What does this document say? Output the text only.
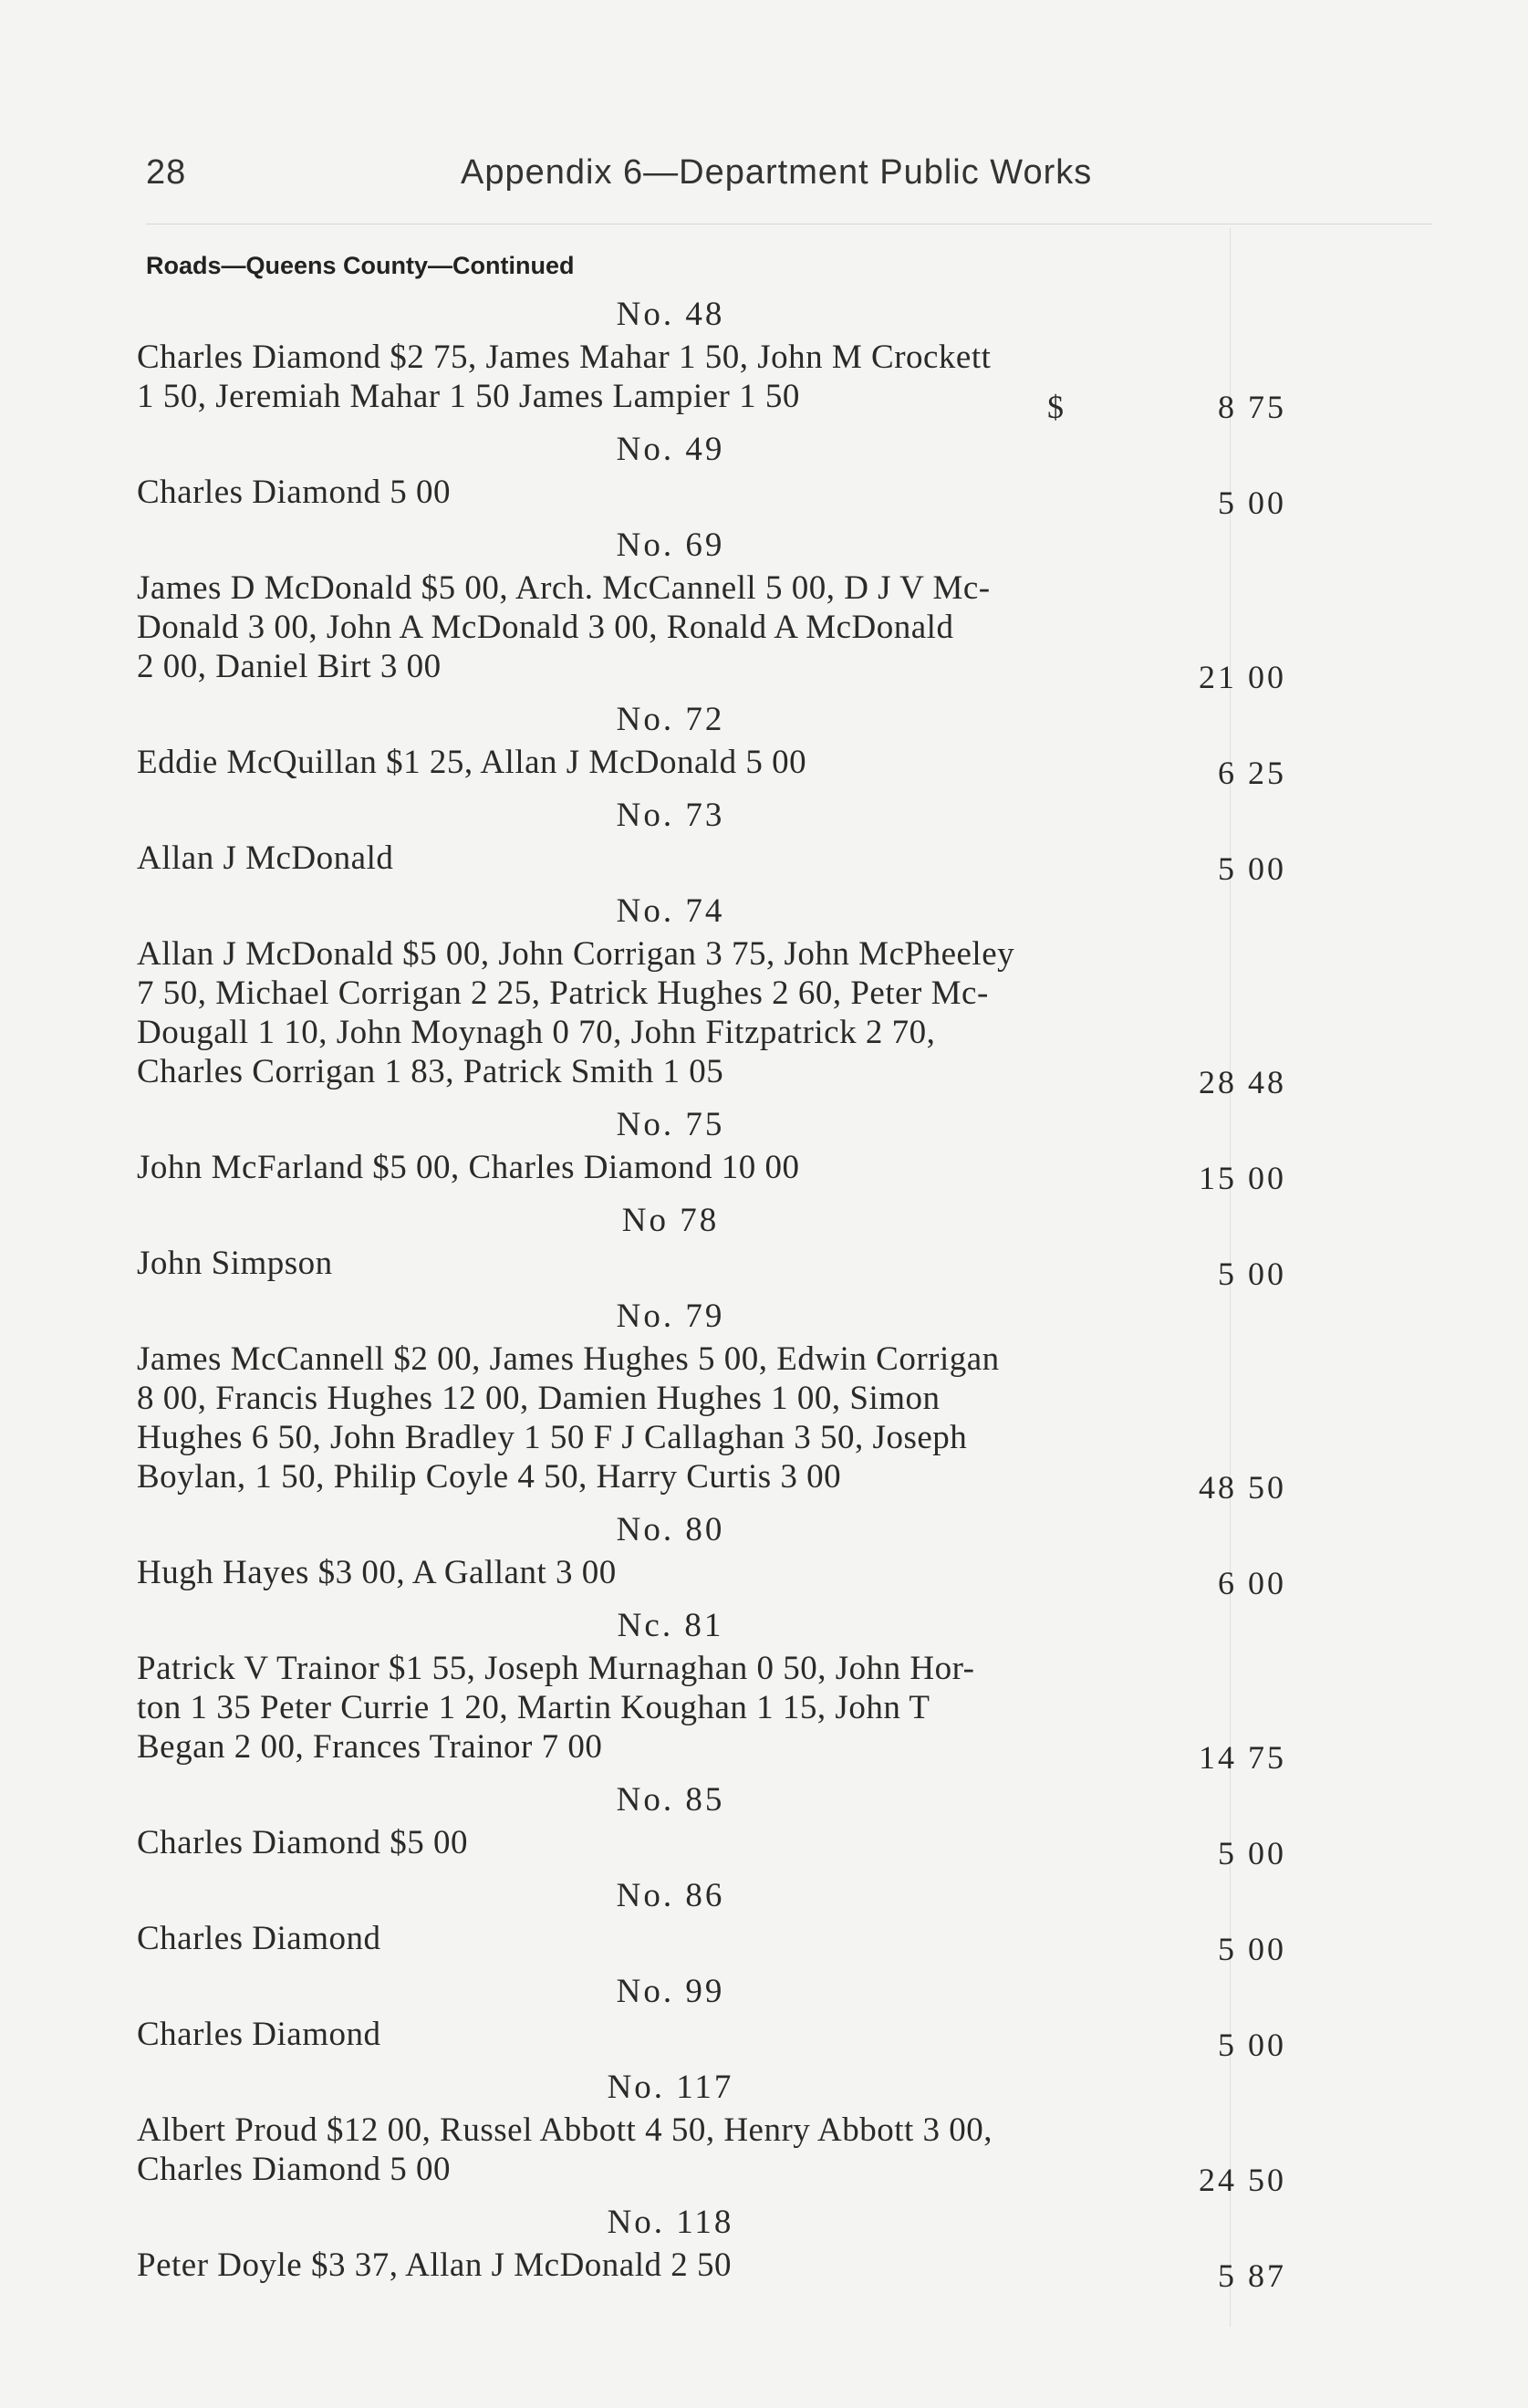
28	Appendix 6—Department Public Works
Roads—Queens County—Continued
No. 48
Charles Diamond $2 75, James Mahar 1 50, John M Crockett
1 50, Jeremiah Mahar 1 50 James Lampier 1 50	$	8 75
No. 49
Charles Diamond 5 00	5 00
No. 69
James D McDonald $5 00, Arch. McCannell 5 00, D J V Mc-
Donald 3 00, John A McDonald 3 00, Ronald A McDonald
2 00, Daniel Birt 3 00	21 00
No. 72
Eddie McQuillan $1 25, Allan J McDonald 5 00	6 25
No. 73
Allan J McDonald	5 00
No. 74
Allan J McDonald $5 00, John Corrigan 3 75, John McPheeley
7 50, Michael Corrigan 2 25, Patrick Hughes 2 60, Peter Mc-
Dougall 1 10, John Moynagh 0 70, John Fitzpatrick 2 70,
Charles Corrigan 1 83, Patrick Smith 1 05	28 48
No. 75
John McFarland $5 00, Charles Diamond 10 00	15 00
No 78
John Simpson	5 00
No. 79
James McCannell $2 00, James Hughes 5 00, Edwin Corrigan
8 00, Francis Hughes 12 00, Damien Hughes 1 00, Simon
Hughes 6 50, John Bradley 1 50 F J Callaghan 3 50, Joseph
Boylan, 1 50, Philip Coyle 4 50, Harry Curtis 3 00	48 50
No. 80
Hugh Hayes $3 00, A Gallant 3 00	6 00
Nc. 81
Patrick V Trainor $1 55, Joseph Murnaghan 0 50, John Hor-
ton 1 35 Peter Currie 1 20, Martin Koughan 1 15, John T
Began 2 00, Frances Trainor 7 00	14 75
No. 85
Charles Diamond $5 00	5 00
No. 86
Charles Diamond	5 00
No. 99
Charles Diamond	5 00
No. 117
Albert Proud $12 00, Russel Abbott 4 50, Henry Abbott 3 00,
Charles Diamond 5 00	24 50
No. 118
Peter Doyle $3 37, Allan J McDonald 2 50	5 87
